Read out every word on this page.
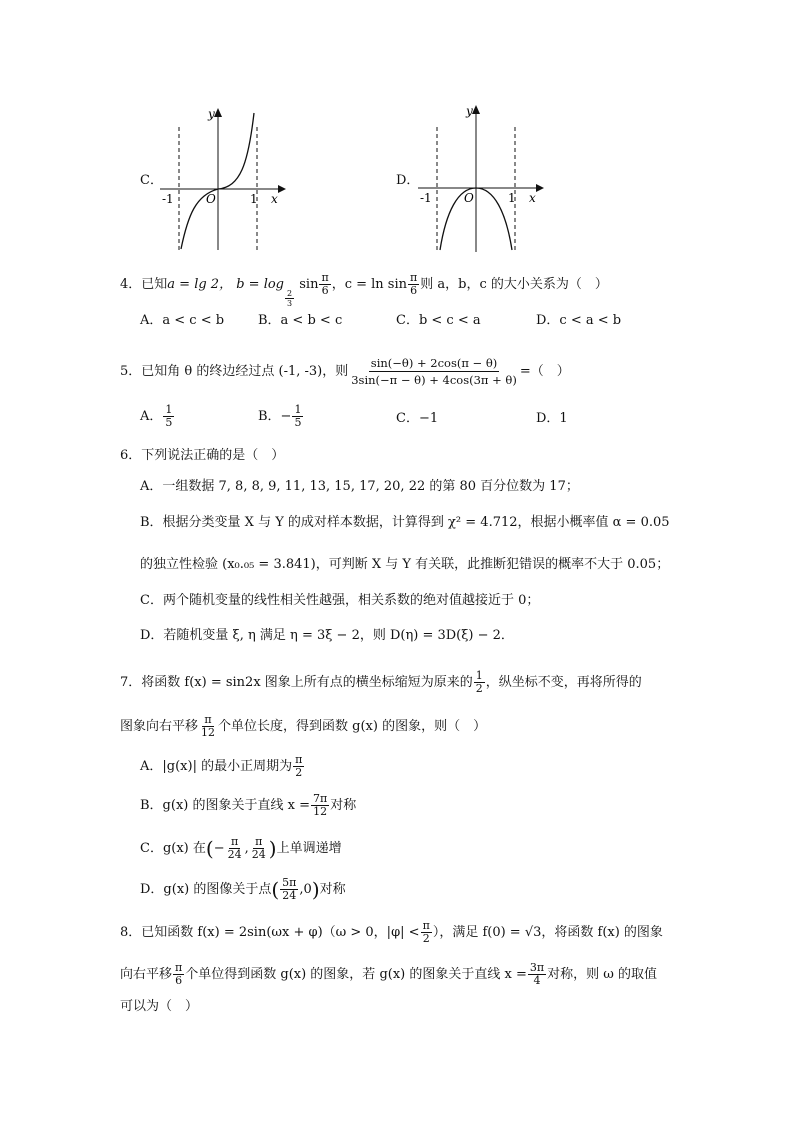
C．
y
x
O
-1	1
D．
y
x
O
-1	1
4．已知a = lg 2， b = log
$\frac{2}{3}$
$\sin \frac{\pi}{6}$ ，$c = \ln \sin \frac{\pi}{6}$ 则 a，b，c 的大小关系为（　）
A．a < c < b	B．a < b < c	C．b < c < a	D．c < a < b
5．已知角 θ 的终边经过点 (-1, -3)，则 $\frac{\sin(-\theta) + 2\cos(\pi - \theta)}{3\sin(-\pi - \theta) + 4\cos(3\pi + \theta)}$ =（　）
A． $\frac{1}{5}$	B．− $\frac{1}{5}$	C．−1	D．1
6．下列说法正确的是（　）
A．一组数据 7, 8, 8, 9, 11, 13, 15, 17, 20, 22 的第 80 百分位数为 17；
B．根据分类变量 X 与 Y 的成对样本数据，计算得到 χ² = 4.712，根据小概率值 α = 0.05
的独立性检验 (x₀.₀₅ = 3.841)，可判断 X 与 Y 有关联，此推断犯错误的概率不大于 0.05；
C．两个随机变量的线性相关性越强，相关系数的绝对值越接近于 0；
D．若随机变量 ξ, η 满足 η = 3ξ − 2，则 D(η) = 3D(ξ) − 2．
7．将函数 f(x) = sin2x 图象上所有点的横坐标缩短为原来的 $\frac{1}{2}$ ，纵坐标不变，再将所得的
图象向右平移 $\frac{\pi}{12}$ 个单位长度，得到函数 g(x) 的图象，则（　）
A．|g(x)| 的最小正周期为 $\frac{\pi}{2}$
B．g(x) 的图象关于直线 $x = \frac{7\pi}{12}$ 对称
C．g(x) 在(− $\frac{\pi}{24}$ , $\frac{\pi}{24}$ )上单调递增
D．g(x) 的图像关于点( $\frac{5\pi}{24} ,0$)对称
8．已知函数 f(x) = 2sin(ωx + φ)（ω > 0，$|\varphi| < \frac{\pi}{2}$ ），满足 f(0) = √3，将函数 f(x) 的图象
向右平移 $\frac{\pi}{6}$ 个单位得到函数 g(x) 的图象，若 g(x) 的图象关于直线 $x = \frac{3\pi}{4}$ 对称，则 ω 的取值
可以为（　）
